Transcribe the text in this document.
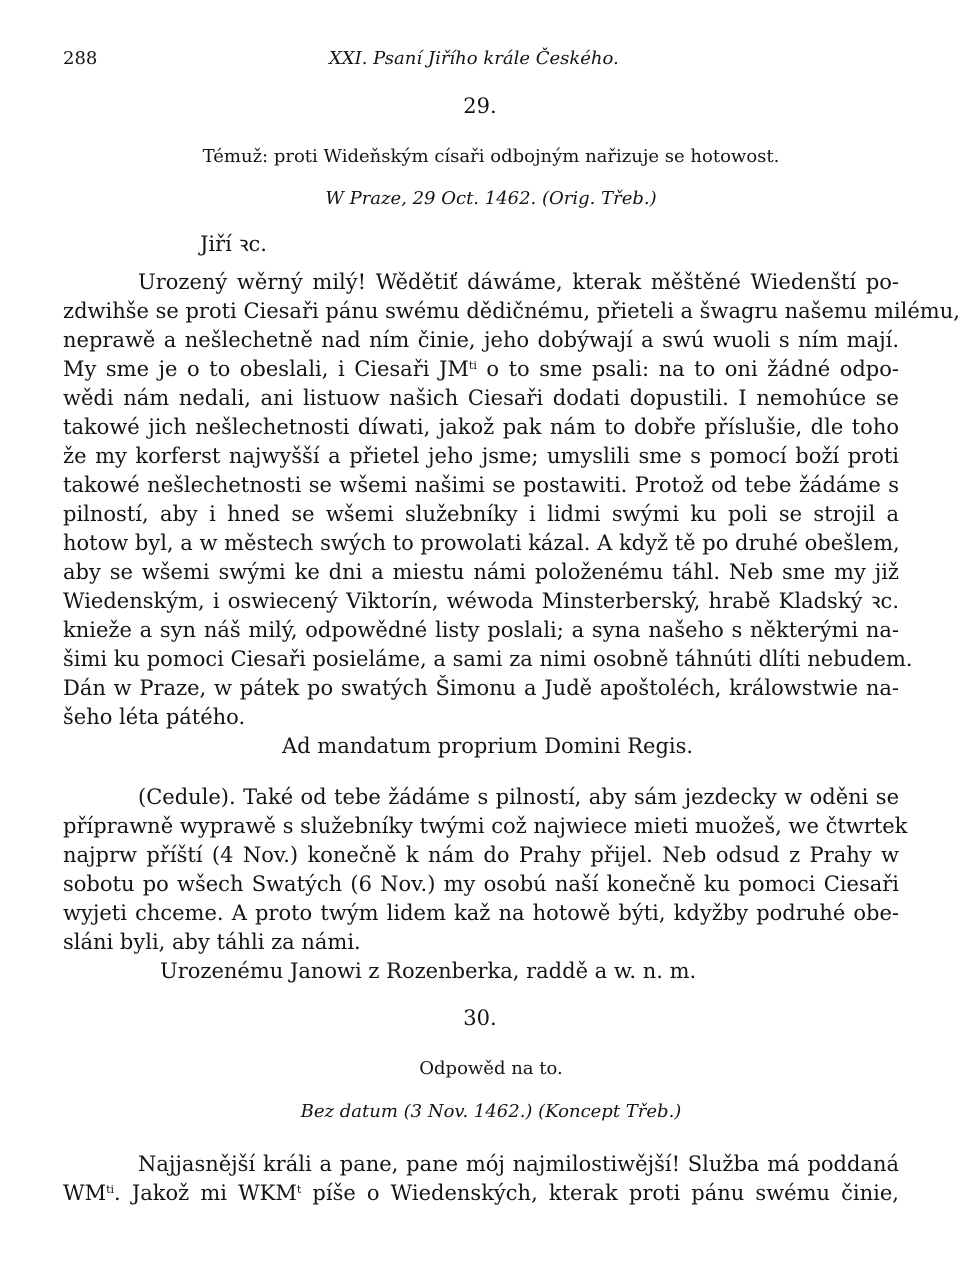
288	XXI. Psaní Jiřího krále Českého.
29.
Témuž: proti Wideňským císaři odbojným nařizuje se hotowost.
W Praze, 29 Oct. 1462. (Orig. Třeb.)
Jiří ꝛc.
Urozený wěrný milý! Wědětiť dáwáme, kterak měštěné Wiedenští po-
zdwihše se proti Ciesaři pánu swému dědičnému, přieteli a šwagru našemu milému,
neprawě a nešlechetně nad ním činie, jeho dobýwají a swú wuoli s ním mají.
My sme je o to obeslali, i Ciesaři $JM^{ti}$ o to sme psali: na to oni žádné odpo-
wědi nám nedali, ani listuow našich Ciesaři dodati dopustili. I nemohúce se
takowé jich nešlechetnosti díwati, jakož pak nám to dobře příslušie, dle toho
že my korferst najwyšší a přietel jeho jsme; umyslili sme s pomocí boží proti
takowé nešlechetnosti se wšemi našimi se postawiti. Protož od tebe žádáme s
pilností, aby i hned se wšemi služebníky i lidmi swými ku poli se strojil a
hotow byl, a w městech swých to prowolati kázal. A když tě po druhé obešlem,
aby se wšemi swými ke dni a miestu námi položenému táhl. Neb sme my již
Wiedenským, i oswiecený Viktorín, wéwoda Minsterberský, hrabě Kladský ꝛc.
knieže a syn náš milý, odpowědné listy poslali; a syna našeho s některými na-
šimi ku pomoci Ciesaři posieláme, a sami za nimi osobně táhnúti dlíti nebudem.
Dán w Praze, w pátek po swatých Šimonu a Judě apoštoléch, králowstwie na-
šeho léta pátého.
Ad mandatum proprium Domini Regis.
(Cedule). Také od tebe žádáme s pilností, aby sám jezdecky w oděnі se
příprawně wyprawě s služebníky twými což najwiece mieti muožeš, we čtwrtek
najprw příští (4 Nov.) konečně k nám do Prahy přijel. Neb odsud z Prahy w
sobotu po wšech Swatých (6 Nov.) my osobú naší konečně ku pomoci Ciesaři
wyjeti chceme. A proto twým lidem kaž na hotowě býti, kdyžby podruhé obe-
sláni byli, aby táhli za námi.
Urozenému Janowi z Rozenberka, raddě a w. n. m.
30.
Odpowěd na to.
Bez datum (3 Nov. 1462.) (Koncept Třeb.)
Najjasnější králi a pane, pane mój najmilostiwější! Služba má poddaná
$WM^{ti}$. Jakož mi WKM$^t$ píše o Wiedenských, kterak proti pánu swému činie,
